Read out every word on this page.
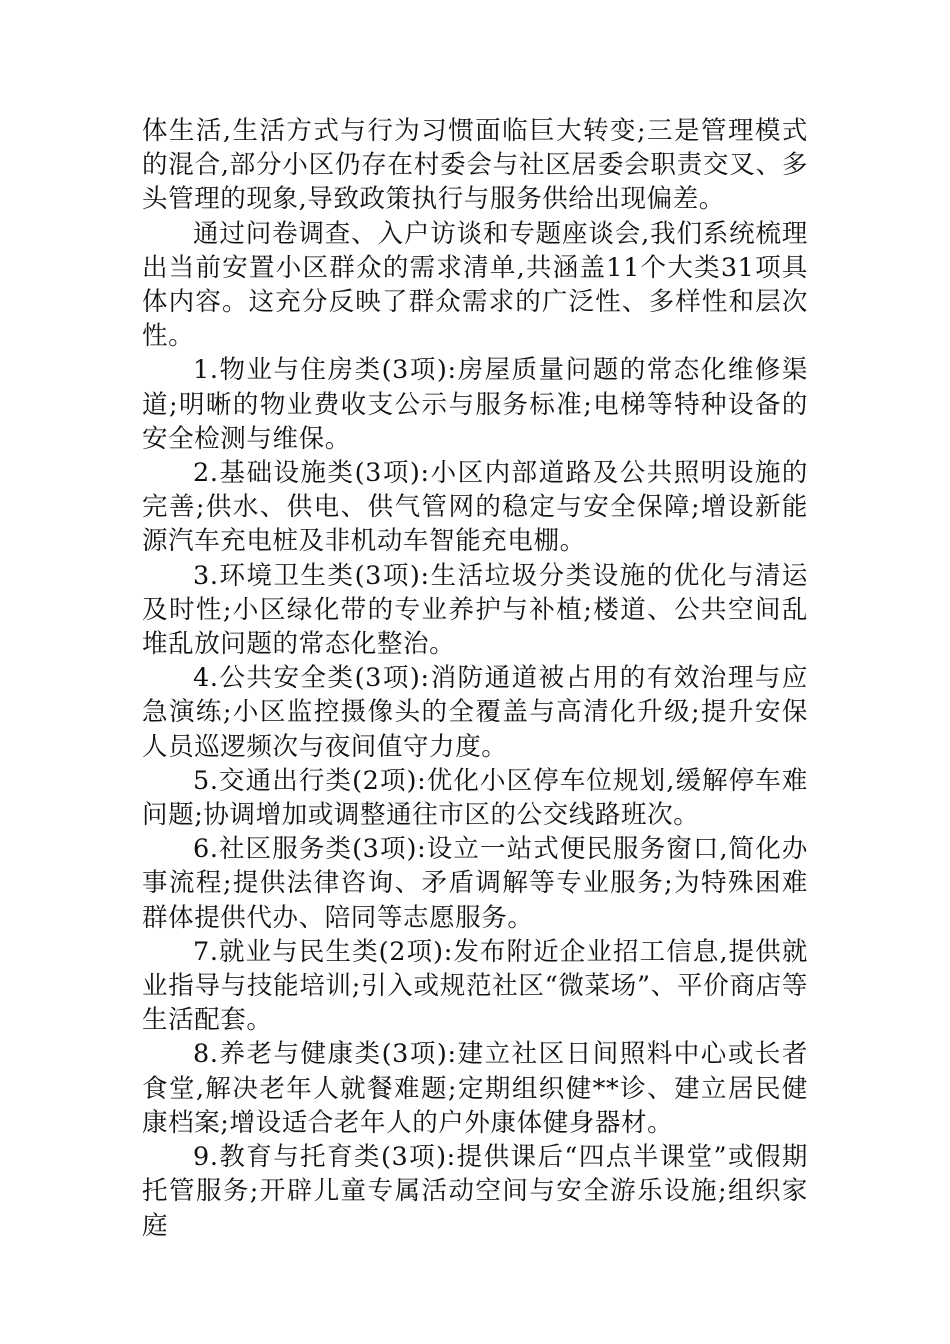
体生活,生活方式与行为习惯面临巨大转变;三是管理模式的混合,部分小区仍存在村委会与社区居委会职责交叉、多头管理的现象,导致政策执行与服务供给出现偏差。

通过问卷调查、入户访谈和专题座谈会,我们系统梳理出当前安置小区群众的需求清单,共涵盖11个大类31项具体内容。这充分反映了群众需求的广泛性、多样性和层次性。

1.物业与住房类(3项):房屋质量问题的常态化维修渠道;明晰的物业费收支公示与服务标准;电梯等特种设备的安全检测与维保。

2.基础设施类(3项):小区内部道路及公共照明设施的完善;供水、供电、供气管网的稳定与安全保障;增设新能源汽车充电桩及非机动车智能充电棚。

3.环境卫生类(3项):生活垃圾分类设施的优化与清运及时性;小区绿化带的专业养护与补植;楼道、公共空间乱堆乱放问题的常态化整治。

4.公共安全类(3项):消防通道被占用的有效治理与应急演练;小区监控摄像头的全覆盖与高清化升级;提升安保人员巡逻频次与夜间值守力度。

5.交通出行类(2项):优化小区停车位规划,缓解停车难问题;协调增加或调整通往市区的公交线路班次。

6.社区服务类(3项):设立一站式便民服务窗口,简化办事流程;提供法律咨询、矛盾调解等专业服务;为特殊困难群体提供代办、陪同等志愿服务。

7.就业与民生类(2项):发布附近企业招工信息,提供就业指导与技能培训;引入或规范社区“微菜场”、平价商店等生活配套。

8.养老与健康类(3项):建立社区日间照料中心或长者食堂,解决老年人就餐难题;定期组织健**诊、建立居民健康档案;增设适合老年人的户外康体健身器材。

9.教育与托育类(3项):提供课后“四点半课堂”或假期托管服务;开辟儿童专属活动空间与安全游乐设施;组织家庭
